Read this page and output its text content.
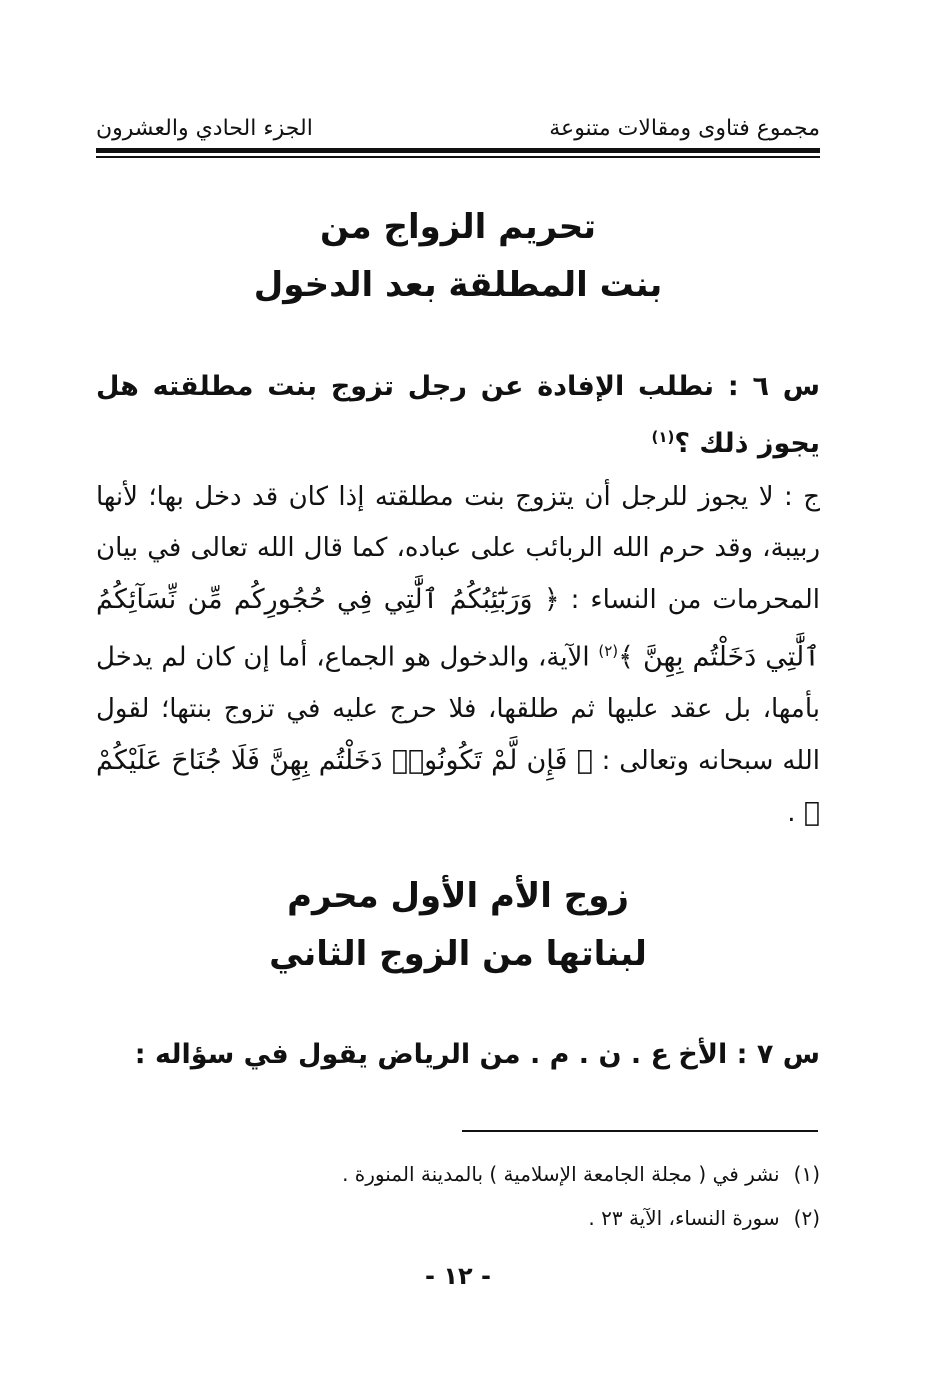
مجموع فتاوى ومقالات متنوعة
الجزء الحادي والعشرون
تحريم الزواج من
بنت المطلقة بعد الدخول
س ٦ : نطلب الإفادة عن رجل تزوج بنت مطلقته هل يجوز ذلك ؟$^{(١)}$
ج : لا يجوز للرجل أن يتزوج بنت مطلقته إذا كان قد دخل بها؛ لأنها ربيبة، وقد حرم الله الربائب على عباده، كما قال الله تعالى في بيان المحرمات من النساء : ﴿ وَرَبَٰٓئِبُكُمُ ٱلَّٰتِي فِي حُجُورِكُم مِّن نِّسَآئِكُمُ ٱلَّٰتِي دَخَلْتُم بِهِنَّ ﴾$^{(٢)}$ الآية، والدخول هو الجماع، أما إن كان لم يدخل بأمها، بل عقد عليها ثم طلقها، فلا حرج عليه في تزوج بنتها؛ لقول الله سبحانه وتعالى : ﴿ فَإِن لَّمْ تَكُونُوا۟ دَخَلْتُم بِهِنَّ فَلَا جُنَاحَ عَلَيْكُمْ ﴾ .
زوج الأم الأول محرم
لبناتها من الزوج الثاني
س ٧ : الأخ ع . ن . م . من الرياض يقول في سؤاله :
(١)
نشر في ( مجلة الجامعة الإسلامية ) بالمدينة المنورة .
(٢)
سورة النساء، الآية ٢٣ .
- ١٢ -
